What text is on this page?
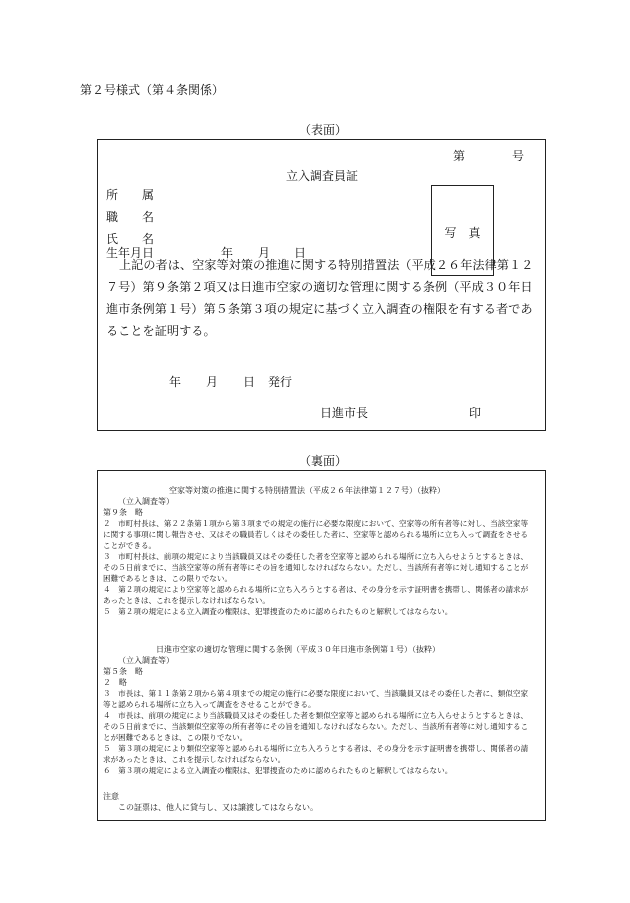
第２号様式（第４条関係）
（表面）
第	号
立入調査員証
所　　属
職　　名
氏　　名
生年月日	年 月 日
写　真
上記の者は、空家等対策の推進に関する特別措置法（平成２６年法律第１２７号）第９条第２項又は日進市空家の適切な管理に関する条例（平成３０年日進市条例第１号）第５条第３項の規定に基づく立入調査の権限を有する者であることを証明する。
年 月 日 発行
日進市長	印
（裏面）
空家等対策の推進に関する特別措置法（平成２６年法律第１２７号）（抜粋）
（立入調査等）
第９条　略
２　市町村長は、第２２条第１項から第３項までの規定の施行に必要な限度において、空家等の所有者等に対し、当該空家等に関する事項に関し報告させ、又はその職員若しくはその委任した者に、空家等と認められる場所に立ち入って調査をさせることができる。
３　市町村長は、前項の規定により当該職員又はその委任した者を空家等と認められる場所に立ち入らせようとするときは、その５日前までに、当該空家等の所有者等にその旨を通知しなければならない。ただし、当該所有者等に対し通知することが困難であるときは、この限りでない。
４　第２項の規定により空家等と認められる場所に立ち入ろうとする者は、その身分を示す証明書を携帯し、関係者の請求があったときは、これを提示しなければならない。
５　第２項の規定による立入調査の権限は、犯罪捜査のために認められたものと解釈してはならない。
日進市空家の適切な管理に関する条例（平成３０年日進市条例第１号）（抜粋）
（立入調査等）
第５条　略
２　略
３　市長は、第１１条第２項から第４項までの規定の施行に必要な限度において、当該職員又はその委任した者に、類似空家等と認められる場所に立ち入って調査をさせることができる。
４　市長は、前項の規定により当該職員又はその委任した者を類似空家等と認められる場所に立ち入らせようとするときは、その５日前までに、当該類似空家等の所有者等にその旨を通知しなければならない。ただし、当該所有者等に対し通知することが困難であるときは、この限りでない。
５　第３項の規定により類似空家等と認められる場所に立ち入ろうとする者は、その身分を示す証明書を携帯し、関係者の請求があったときは、これを提示しなければならない。
６　第３項の規定による立入調査の権限は、犯罪捜査のために認められたものと解釈してはならない。
注意
この証票は、他人に貸与し、又は譲渡してはならない。
